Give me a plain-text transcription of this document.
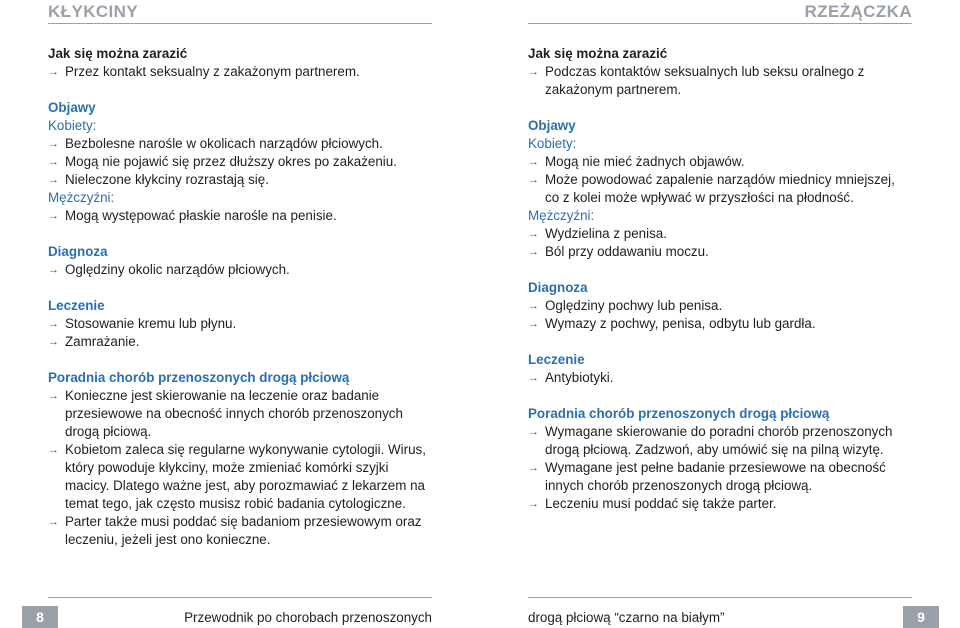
KŁYKCINY	RZEŻĄCZKA
Jak się można zarazić
→ Przez kontakt seksualny z zakażonym partnerem.
Objawy
Kobiety:
→ Bezbolesne narośle w okolicach narządów płciowych.
→ Mogą nie pojawić się przez dłuższy okres po zakażeniu.
→ Nieleczone kłykciny rozrastają się.
Mężczyźni:
→ Mogą występować płaskie narośle na penisie.
Diagnoza
→ Oględziny okolic narządów płciowych.
Leczenie
→ Stosowanie kremu lub płynu.
→ Zamrażanie.
Poradnia chorób przenoszonych drogą płciową
→ Konieczne jest skierowanie na leczenie oraz badanie przesiewowe na obecność innych chorób przenoszonych drogą płciową.
→ Kobietom zaleca się regularne wykonywanie cytologii. Wirus, który powoduje kłykciny, może zmieniać komórki szyjki macicy. Dlatego ważne jest, aby porozmawiać z lekarzem na temat tego, jak często musisz robić badania cytologiczne.
→ Parter także musi poddać się badaniom przesiewowym oraz leczeniu, jeżeli jest ono konieczne.
Jak się można zarazić
→ Podczas kontaktów seksualnych lub seksu oralnego z zakażonym partnerem.
Objawy
Kobiety:
→ Mogą nie mieć żadnych objawów.
→ Może powodować zapalenie narządów miednicy mniejszej, co z kolei może wpływać w przyszłości na płodność.
Mężczyźni:
→ Wydzielina z penisa.
→ Ból przy oddawaniu moczu.
Diagnoza
→ Oględziny pochwy lub penisa.
→ Wymazy z pochwy, penisa, odbytu lub gardła.
Leczenie
→ Antybiotyki.
Poradnia chorób przenoszonych drogą płciową
→ Wymagane skierowanie do poradni chorób przenoszonych drogą płciową. Zadzwoń, aby umówić się na pilną wizytę.
→ Wymagane jest pełne badanie przesiewowe na obecność innych chorób przenoszonych drogą płciową.
→ Leczeniu musi poddać się także parter.
8	Przewodnik po chorobach przenoszonych	drogą płciową “czarno na białym”	9
